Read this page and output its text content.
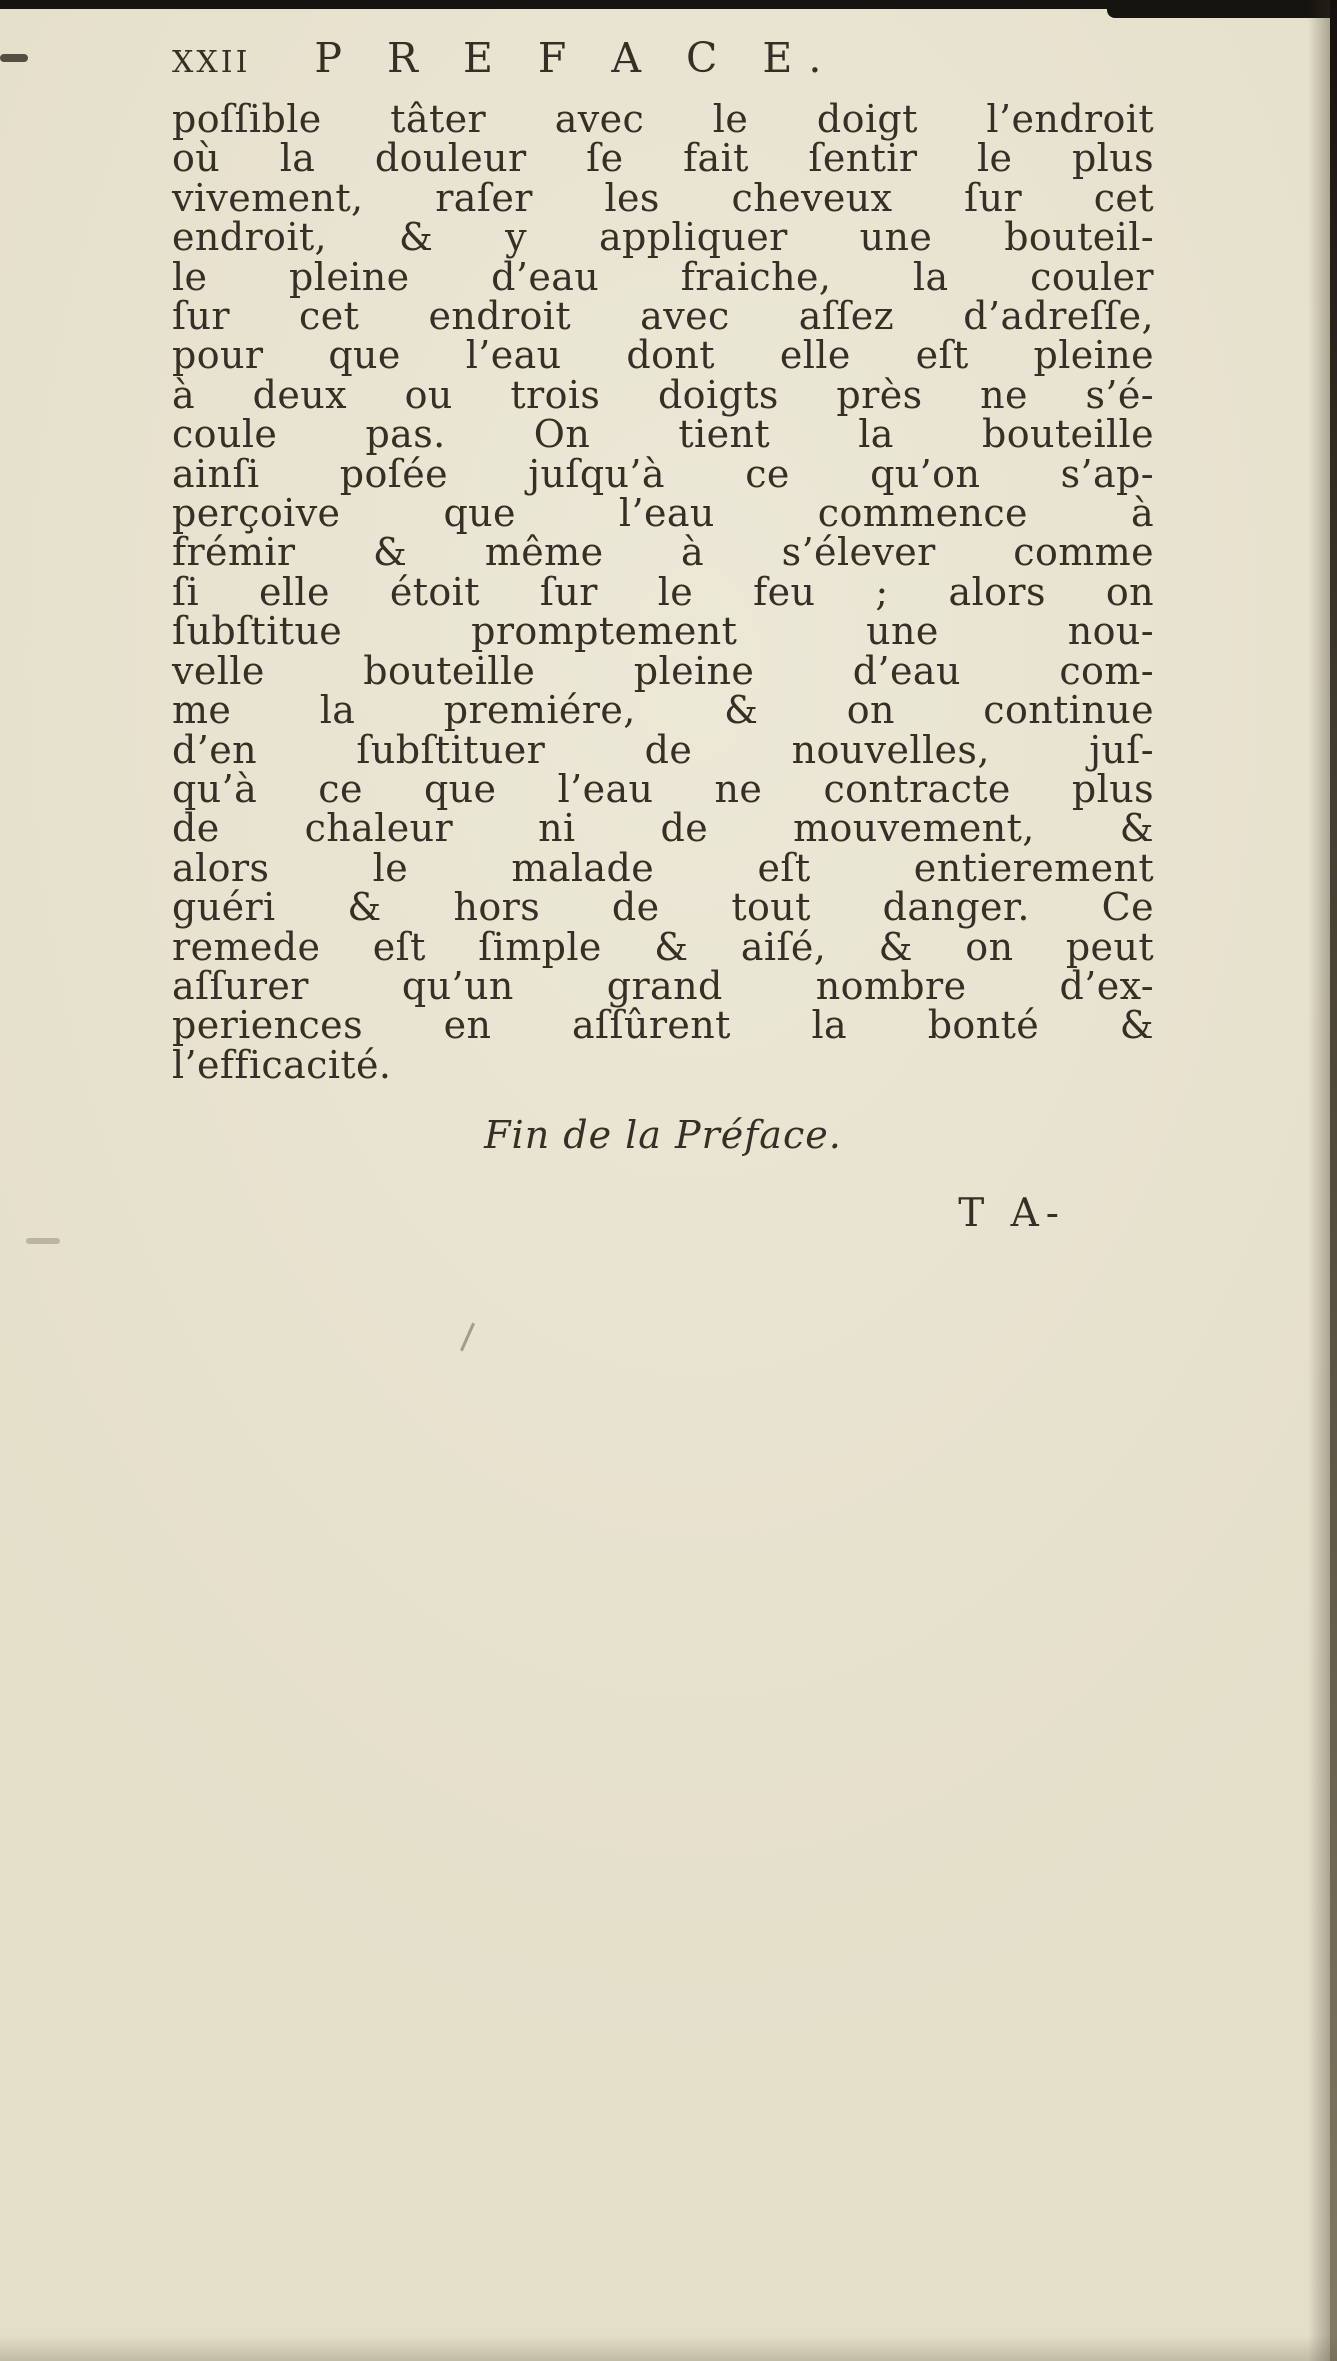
XXII P R E F A C E.
poſſible tâter avec le doigt l’endroit
où la douleur ſe fait ſentir le plus
vivement, raſer les cheveux ſur cet
endroit, & y appliquer une bouteil-
le pleine d’eau fraiche, la couler
ſur cet endroit avec aſſez d’adreſſe,
pour que l’eau dont elle eſt pleine
à deux ou trois doigts près ne s’é-
coule pas. On tient la bouteille
ainſi poſée juſqu’à ce qu’on s’ap-
perçoive que l’eau commence à
frémir & même à s’élever comme
ſi elle étoit ſur le feu ; alors on
ſubſtitue promptement une nou-
velle bouteille pleine d’eau com-
me la premiére, & on continue
d’en ſubſtituer de nouvelles, juſ-
qu’à ce que l’eau ne contracte plus
de chaleur ni de mouvement, &
alors le malade eſt entierement
guéri & hors de tout danger. Ce
remede eſt ſimple & aiſé, & on peut
aſſurer qu’un grand nombre d’ex-
periences en aſſûrent la bonté &
l’efficacité.
Fin de la Préface.
T A-
